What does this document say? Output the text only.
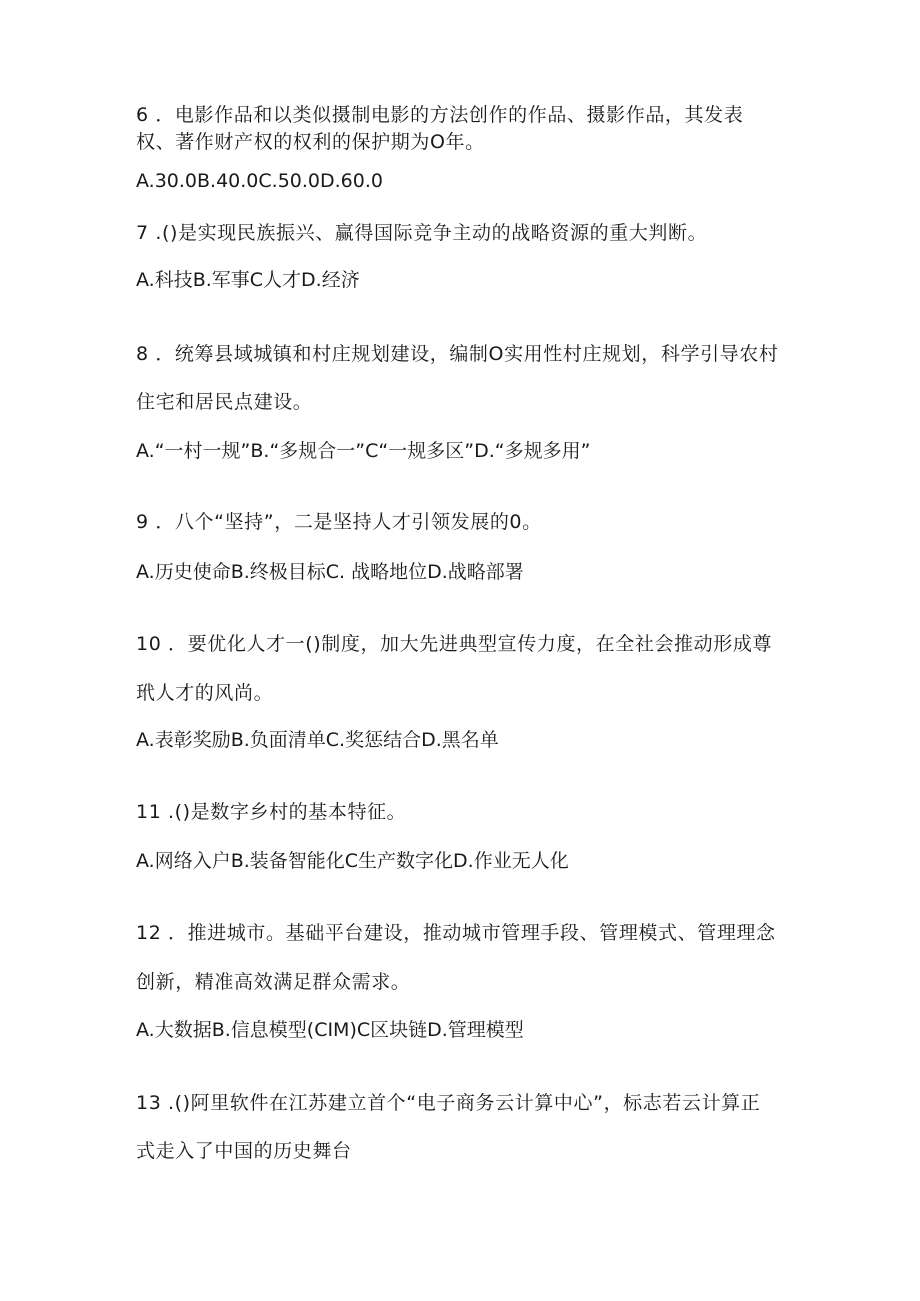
6 ．电影作品和以类似摄制电影的方法创作的作品、摄影作品，其发表
权、著作财产权的权利的保护期为O年。
A.30.0B.40.0C.50.0D.60.0
7 .()是实现民族振兴、赢得国际竞争主动的战略资源的重大判断。
A.科技B.军事C人才D.经济
8 ．统筹县域城镇和村庄规划建设，编制O实用性村庄规划，科学引导农村
住宅和居民点建设。
A.“一村一规”B.“多规合一”C“一规多区”D.“多规多用”
9 ．八个“坚持”，二是坚持人才引领发展的0。
A.历史使命B.终极目标C. 战略地位D.战略部署
10 ．要优化人才一()制度，加大先进典型宣传力度，在全社会推动形成尊
玳人才的风尚。
A.表彰奖励B.负面清单C.奖惩结合D.黑名单
11 .()是数字乡村的基本特征。
A.网络入户B.装备智能化C生产数字化D.作业无人化
12 ．推进城市。基础平台建设，推动城市管理手段、管理模式、管理理念
创新，精准高效满足群众需求。
A.大数据B.信息模型(CIM)C区块链D.管理模型
13 .()阿里软件在江苏建立首个“电子商务云计算中心”，标志若云计算正
式走入了中国的历史舞台
